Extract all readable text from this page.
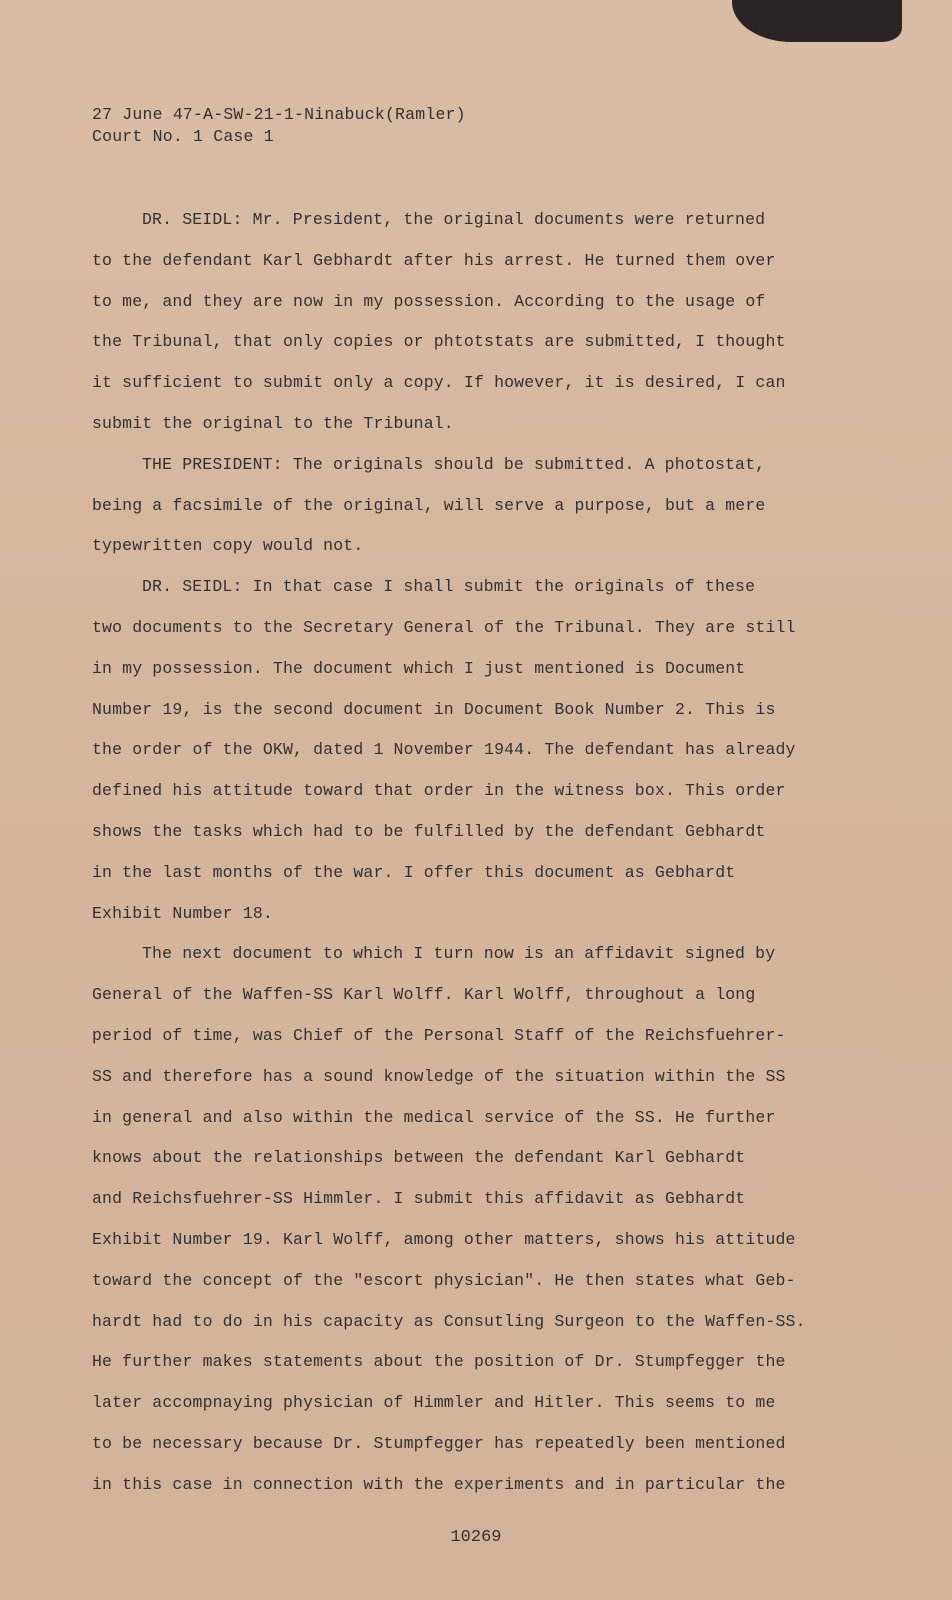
27 June 47-A-SW-21-1-Ninabuck(Ramler)
Court No. 1 Case 1
DR. SEIDL: Mr. President, the original documents were returned
to the defendant Karl Gebhardt after his arrest. He turned them over
to me, and they are now in my possession. According to the usage of
the Tribunal, that only copies or phtotstats are submitted, I thought
it sufficient to submit only a copy. If however, it is desired, I can
submit the original to the Tribunal.
THE PRESIDENT: The originals should be submitted. A photostat,
being a facsimile of the original, will serve a purpose, but a mere
typewritten copy would not.
DR. SEIDL: In that case I shall submit the originals of these
two documents to the Secretary General of the Tribunal. They are still
in my possession. The document which I just mentioned is Document
Number 19, is the second document in Document Book Number 2. This is
the order of the OKW, dated 1 November 1944. The defendant has already
defined his attitude toward that order in the witness box. This order
shows the tasks which had to be fulfilled by the defendant Gebhardt
in the last months of the war. I offer this document as Gebhardt
Exhibit Number 18.
The next document to which I turn now is an affidavit signed by
General of the Waffen-SS Karl Wolff. Karl Wolff, throughout a long
period of time, was Chief of the Personal Staff of the Reichsfuehrer-
SS and therefore has a sound knowledge of the situation within the SS
in general and also within the medical service of the SS. He further
knows about the relationships between the defendant Karl Gebhardt
and Reichsfuehrer-SS Himmler. I submit this affidavit as Gebhardt
Exhibit Number 19. Karl Wolff, among other matters, shows his attitude
toward the concept of the "escort physician". He then states what Geb-
hardt had to do in his capacity as Consutling Surgeon to the Waffen-SS.
He further makes statements about the position of Dr. Stumpfegger the
later accompnaying physician of Himmler and Hitler. This seems to me
to be necessary because Dr. Stumpfegger has repeatedly been mentioned
in this case in connection with the experiments and in particular the
10269
